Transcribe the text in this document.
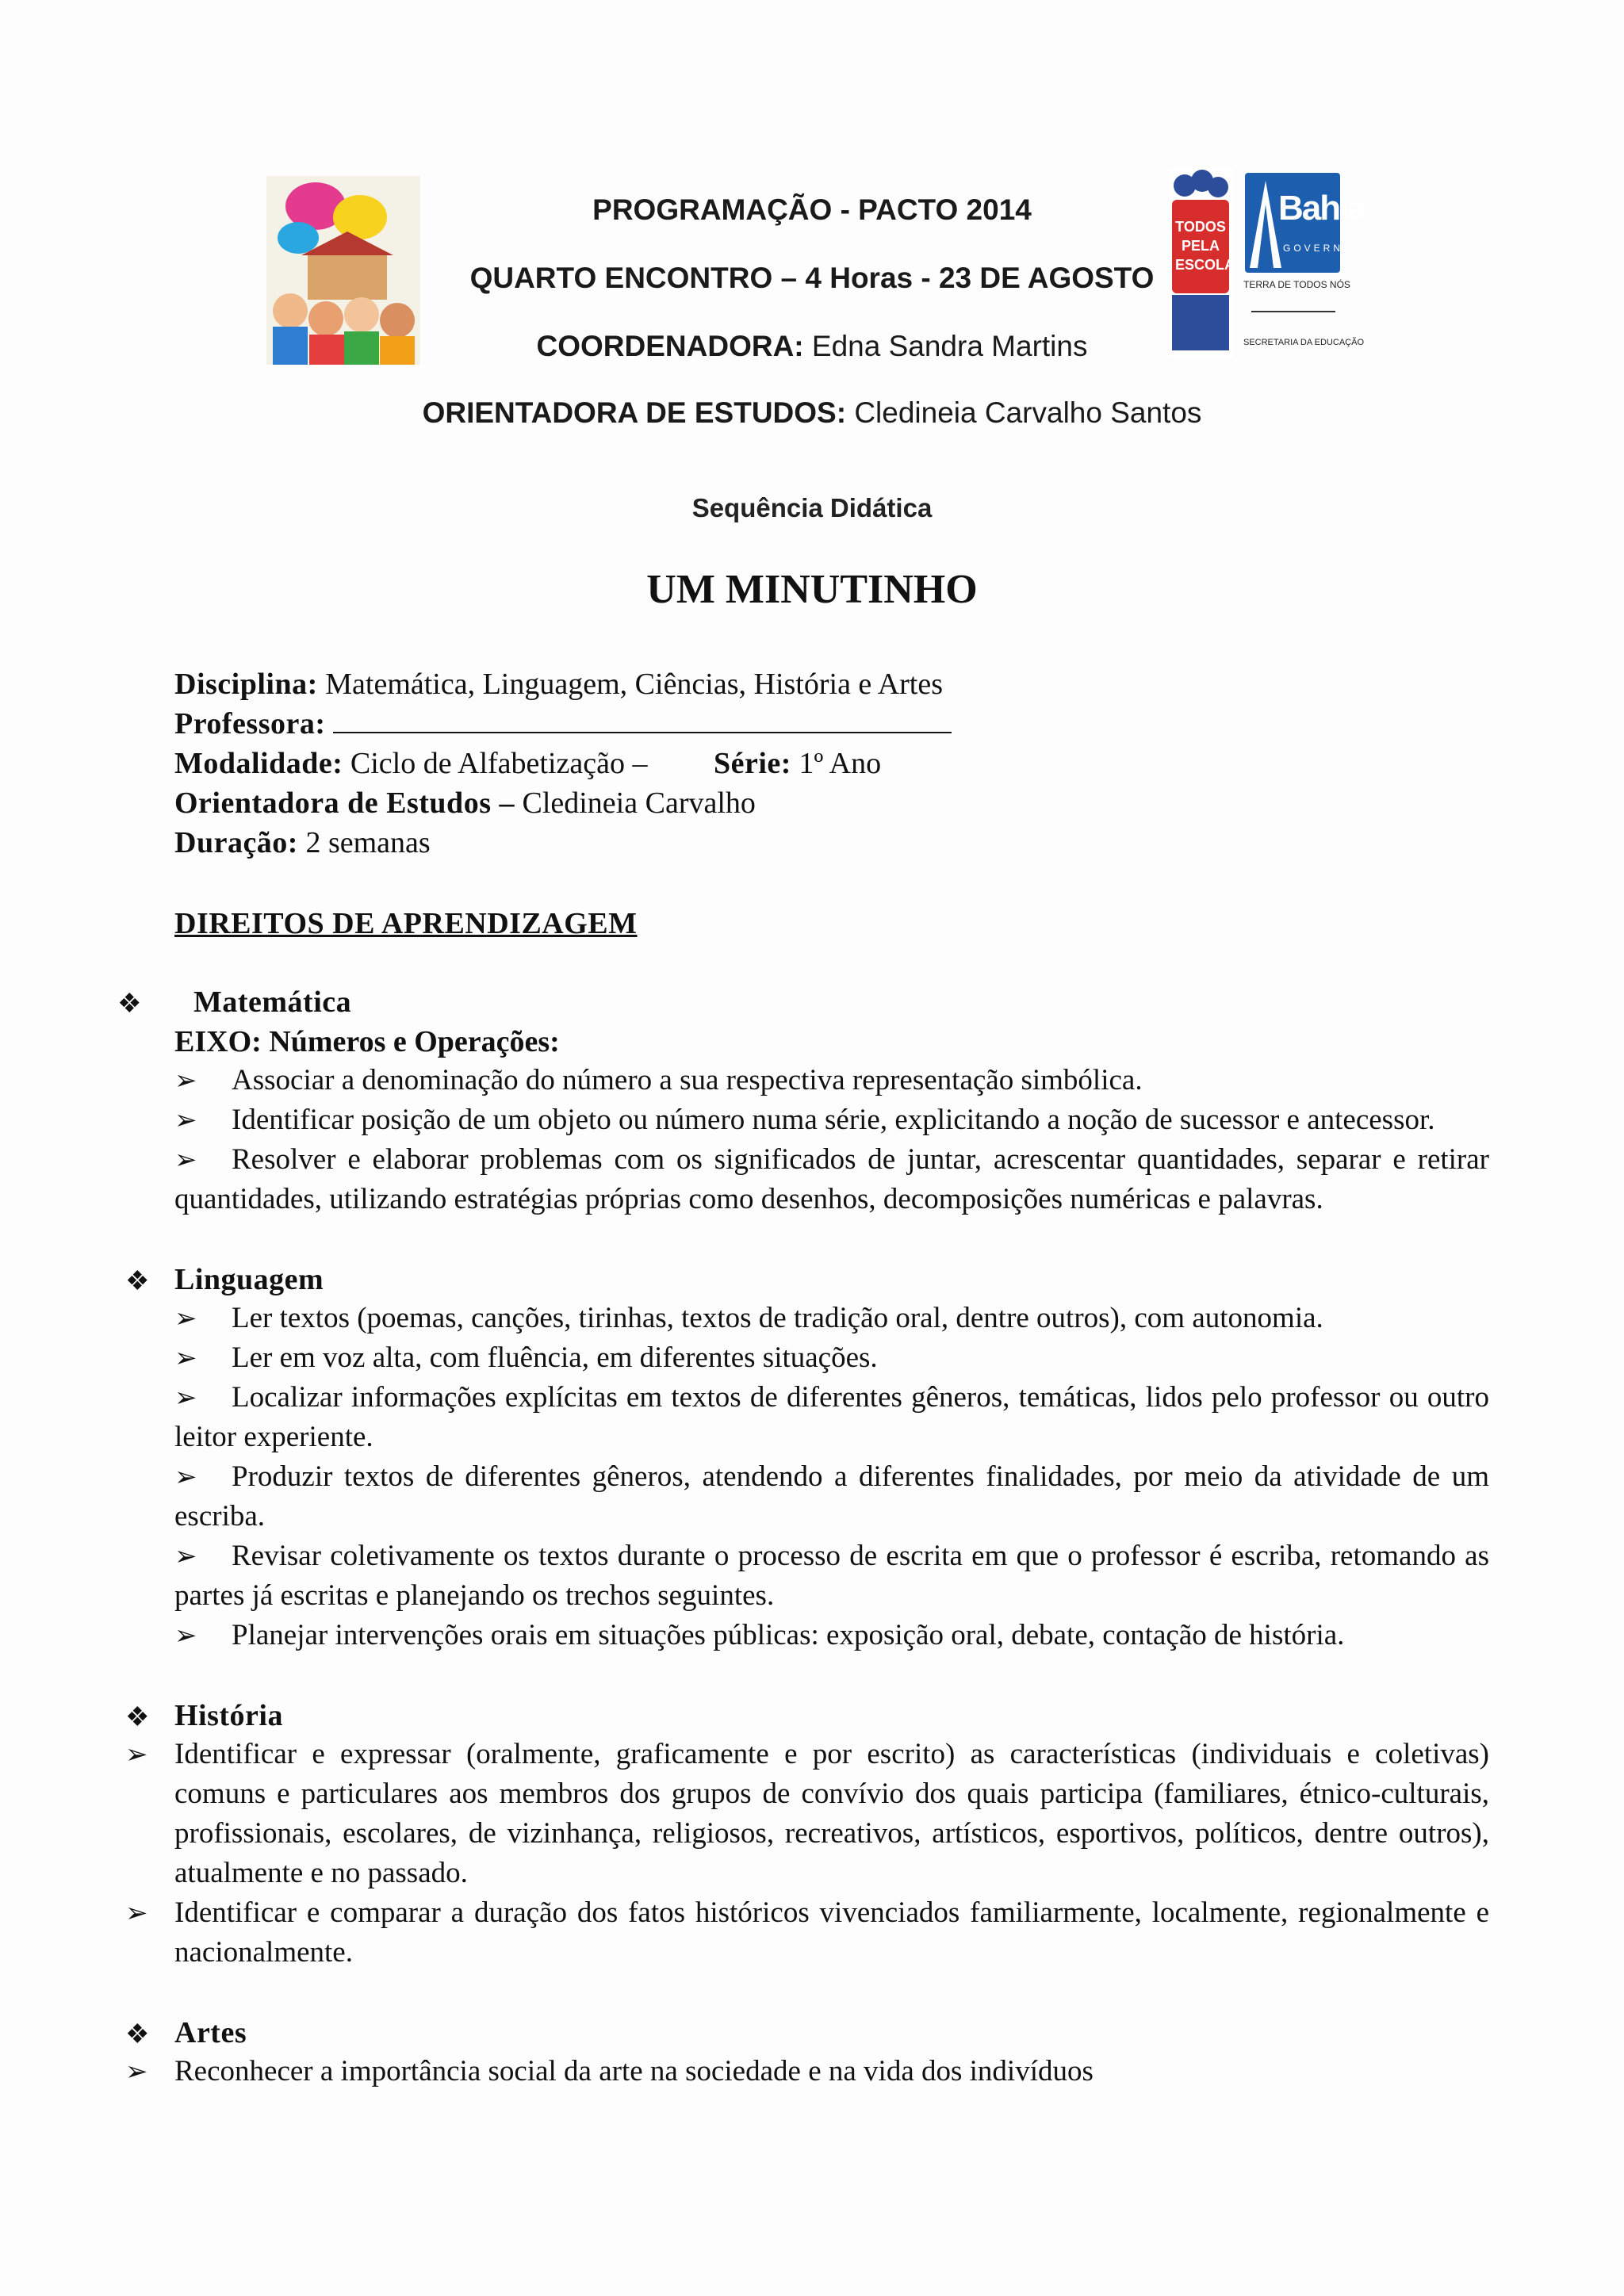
TODOS PELA ESCOLA
Bahia
GOVERNO
TERRA DE TODOS NÓS
SECRETARIA DA EDUCAÇÃO
PROGRAMAÇÃO - PACTO 2014
QUARTO ENCONTRO – 4 Horas - 23 DE AGOSTO
COORDENADORA: Edna Sandra Martins
ORIENTADORA DE ESTUDOS: Cledineia Carvalho Santos
Sequência Didática
UM MINUTINHO
Disciplina: Matemática, Linguagem, Ciências, História e Artes
Professora:
Modalidade: Ciclo de Alfabetização – Série: 1º Ano
Orientadora de Estudos – Cledineia Carvalho
Duração: 2 semanas
DIREITOS DE APRENDIZAGEM
❖ Matemática
EIXO: Números e Operações:
➢ Associar a denominação do número a sua respectiva representação simbólica.
➢ Identificar posição de um objeto ou número numa série, explicitando a noção de sucessor e antecessor.
➢	Resolver e elaborar problemas com os significados de juntar, acrescentar quantidades, separar e retirar quantidades, utilizando estratégias próprias como desenhos, decomposições numéricas e palavras.
❖ Linguagem
➢ Ler textos (poemas, canções, tirinhas, textos de tradição oral, dentre outros), com autonomia.
➢ Ler em voz alta, com fluência, em diferentes situações.
➢	Localizar informações explícitas em textos de diferentes gêneros, temáticas, lidos pelo professor ou outro leitor experiente.
➢	Produzir textos de diferentes gêneros, atendendo a diferentes finalidades, por meio da atividade de um escriba.
➢	Revisar coletivamente os textos durante o processo de escrita em que o professor é escriba, retomando as partes já escritas e planejando os trechos seguintes.
➢ Planejar intervenções orais em situações públicas: exposição oral, debate, contação de história.
❖ História
➢ Identificar e expressar (oralmente, graficamente e por escrito) as características (individuais e coletivas) comuns e particulares aos membros dos grupos de convívio dos quais participa (familiares, étnico-culturais, profissionais, escolares, de vizinhança, religiosos, recreativos, artísticos, esportivos, políticos, dentre outros), atualmente e no passado.
➢ Identificar e comparar a duração dos fatos históricos vivenciados familiarmente, localmente, regionalmente e nacionalmente.
❖ Artes
➢ Reconhecer a importância social da arte na sociedade e na vida dos indivíduos
